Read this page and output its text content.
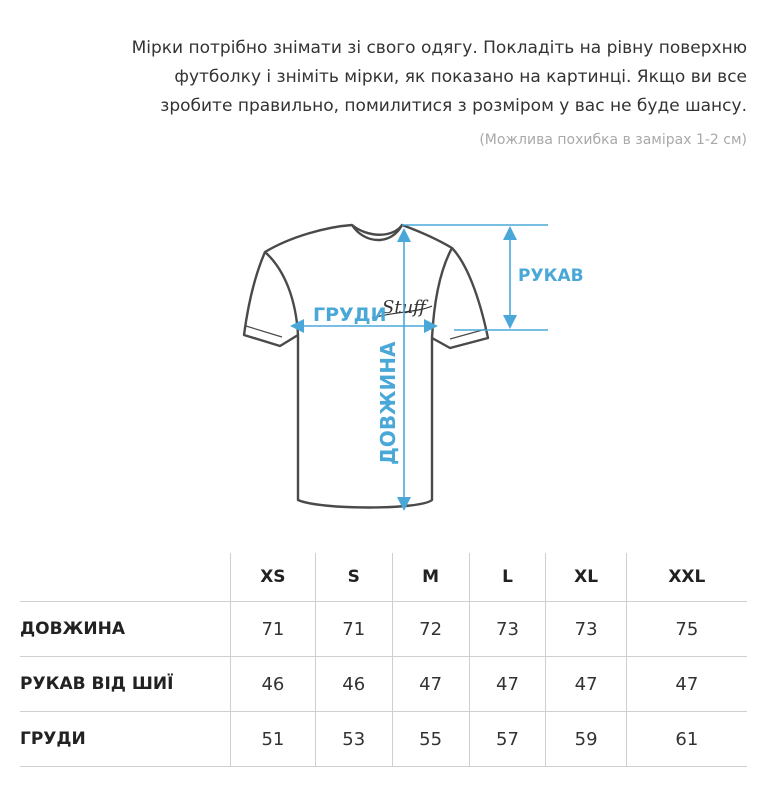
Мірки потрібно знімати зі свого одягу. Покладіть на рівну поверхню

футболку і зніміть мірки, як показано на картинці. Якщо ви все

зробите правильно, помилитися з розміром у вас не буде шансу.

(Можлива похибка в замірах 1-2 см)
Stuff
РУКАВ
ГРУДИ
ДОВЖИНА
	XS	S	M	L	XL	XXL
ДОВЖИНА	71	71	72	73	73	75
РУКАВ ВІД ШИЇ	46	46	47	47	47	47
ГРУДИ	51	53	55	57	59	61
